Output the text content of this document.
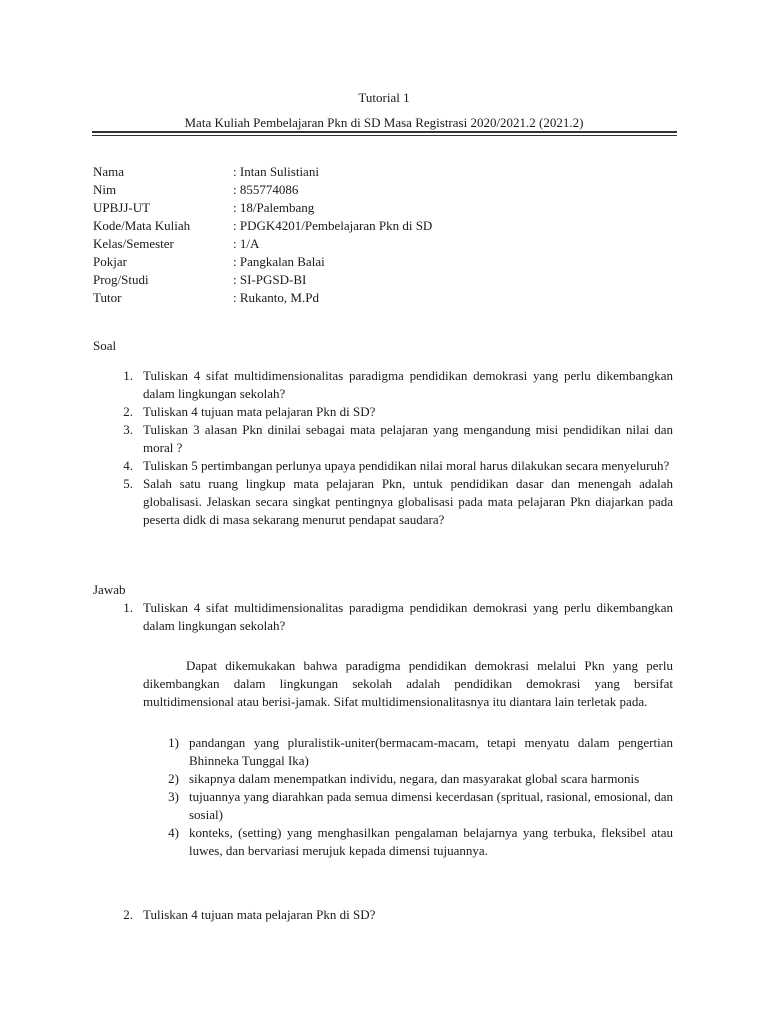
Tutorial 1
Mata Kuliah Pembelajaran Pkn di SD Masa Registrasi 2020/2021.2 (2021.2)
Nama	: Intan Sulistiani
Nim	: 855774086
UPBJJ-UT	: 18/Palembang
Kode/Mata Kuliah	: PDGK4201/Pembelajaran Pkn di SD
Kelas/Semester	: 1/A
Pokjar	: Pangkalan Balai
Prog/Studi	: SI-PGSD-BI
Tutor	: Rukanto, M.Pd
Soal
1. Tuliskan 4 sifat multidimensionalitas paradigma pendidikan demokrasi yang perlu dikembangkan dalam lingkungan sekolah?
2. Tuliskan 4 tujuan mata pelajaran Pkn di SD?
3. Tuliskan 3 alasan Pkn dinilai sebagai mata pelajaran yang mengandung misi pendidikan nilai dan moral ?
4. Tuliskan 5 pertimbangan perlunya upaya pendidikan nilai moral harus dilakukan secara menyeluruh?
5. Salah satu ruang lingkup mata pelajaran Pkn, untuk pendidikan dasar dan menengah adalah globalisasi. Jelaskan secara singkat pentingnya globalisasi pada mata pelajaran Pkn diajarkan pada peserta didk di masa sekarang menurut pendapat saudara?
Jawab
1. Tuliskan 4 sifat multidimensionalitas paradigma pendidikan demokrasi yang perlu dikembangkan dalam lingkungan sekolah?
Dapat dikemukakan bahwa paradigma pendidikan demokrasi melalui Pkn yang perlu dikembangkan dalam lingkungan sekolah adalah pendidikan demokrasi yang bersifat multidimensional atau berisi-jamak. Sifat multidimensionalitasnya itu diantara lain terletak pada.
1) pandangan yang pluralistik-uniter(bermacam-macam, tetapi menyatu dalam pengertian Bhinneka Tunggal Ika)
2) sikapnya dalam menempatkan individu, negara, dan masyarakat global scara harmonis
3) tujuannya yang diarahkan pada semua dimensi kecerdasan (spritual, rasional, emosional, dan sosial)
4) konteks, (setting) yang menghasilkan pengalaman belajarnya yang terbuka, fleksibel atau luwes, dan bervariasi merujuk kepada dimensi tujuannya.
2. Tuliskan 4 tujuan mata pelajaran Pkn di SD?
